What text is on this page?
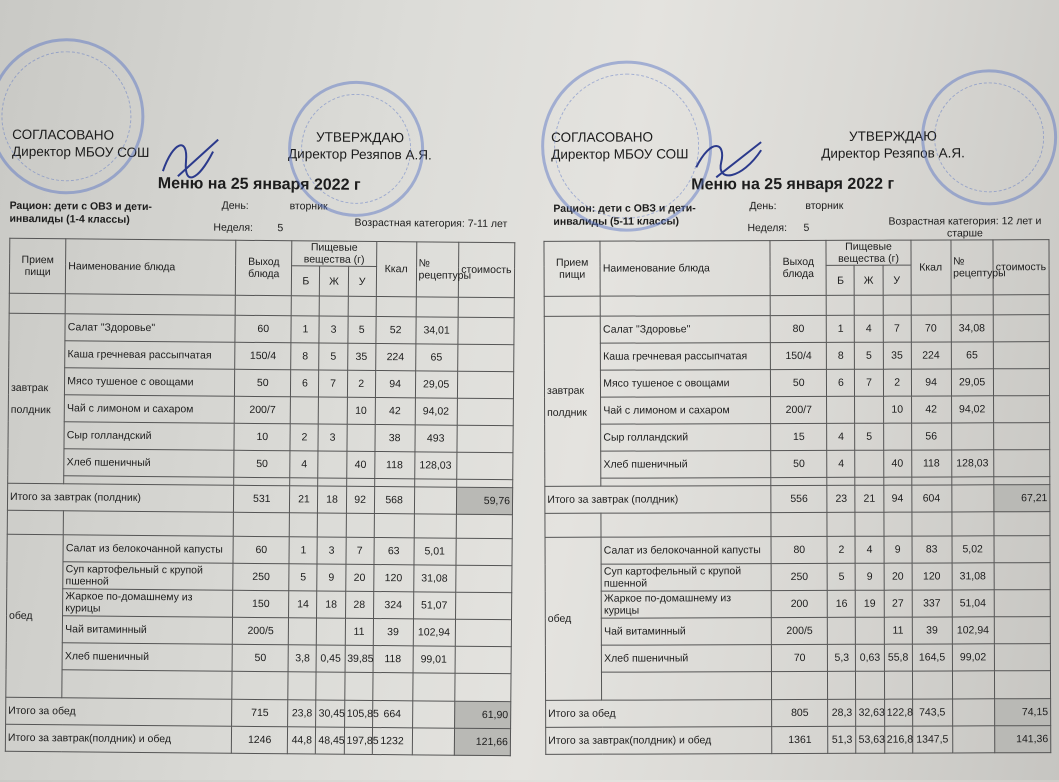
СОГЛАСОВАНО
Директор МБОУ СОШ
УТВЕРЖДАЮ
Директор Резяпов А.Я.
Меню на 25 января 2022 г
Рацион: дети с ОВЗ и дети-инвалиды (1-4 классы)
День:	вторник
Неделя: 5	Возрастная категория: 7-11 лет
Прием пищи	Наименование блюда	Выход блюда	Пищевые вещества (г)			Ккал	№ рецептуры	стоимость
			Б	Ж	У			

завтрак
полдник	Салат "Здоровье"	60	1	3	5	52	34,01	
	Каша гречневая рассыпчатая	150/4	8	5	35	224	65	
	Мясо тушеное с овощами	50	6	7	2	94	29,05	
	Чай с лимоном и сахаром	200/7			10	42	94,02	
	Сыр голландский	10	2	3		38	493	
	Хлеб пшеничный	50	4		40	118	128,03	

Итого за завтрак (полдник)		531	21	18	92	568		59,76

обед	Салат из белокочанной капусты	60	1	3	7	63	5,01	
	Суп картофельный с крупой пшенной	250	5	9	20	120	31,08	
	Жаркое по-домашнему из курицы	150	14	18	28	324	51,07	
	Чай витаминный	200/5			11	39	102,94	
	Хлеб пшеничный	50	3,8	0,45	39,85	118	99,01	

Итого за обед		715	23,8	30,45	105,85	664		61,90
Итого за завтрак(полдник) и обед		1246	44,8	48,45	197,85	1232		121,66
СОГЛАСОВАНО
Директор МБОУ СОШ
УТВЕРЖДАЮ
Директор Резяпов А.Я.
Меню на 25 января 2022 г
Рацион: дети с ОВЗ и дети-инвалиды (5-11 классы)
День:	вторник
Неделя: 5
Возрастная категория: 12 лет и старше
Прием пищи	Наименование блюда	Выход блюда	Пищевые вещества (г)			Ккал	№ рецептуры	стоимость
			Б	Ж	У			

завтрак
полдник	Салат "Здоровье"	80	1	4	7	70	34,08	
	Каша гречневая рассыпчатая	150/4	8	5	35	224	65	
	Мясо тушеное с овощами	50	6	7	2	94	29,05	
	Чай с лимоном и сахаром	200/7			10	42	94,02	
	Сыр голландский	15	4	5		56		
	Хлеб пшеничный	50	4		40	118	128,03	

Итого за завтрак (полдник)		556	23	21	94	604		67,21

обед	Салат из белокочанной капусты	80	2	4	9	83	5,02	
	Суп картофельный с крупой пшенной	250	5	9	20	120	31,08	
	Жаркое по-домашнему из курицы	200	16	19	27	337	51,04	
	Чай витаминный	200/5			11	39	102,94	
	Хлеб пшеничный	70	5,3	0,63	55,8	164,5	99,02	

Итого за обед		805	28,3	32,63	122,8	743,5		74,15
Итого за завтрак(полдник) и обед		1361	51,3	53,63	216,8	1347,5		141,36
